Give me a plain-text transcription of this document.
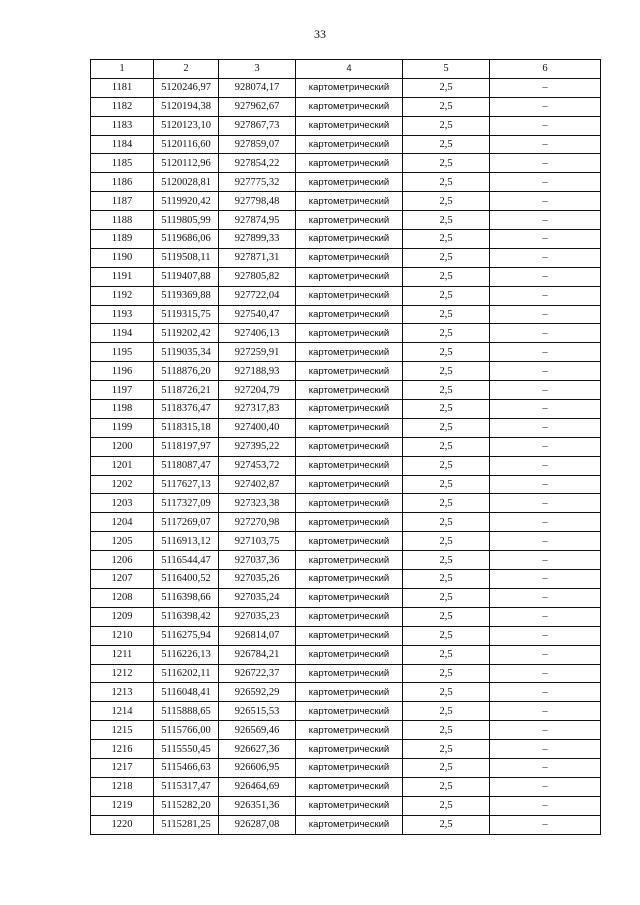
33
1	2	3	4	5	6
1181	5120246,97	928074,17	картометрический	2,5	–
1182	5120194,38	927962,67	картометрический	2,5	–
1183	5120123,10	927867,73	картометрический	2,5	–
1184	5120116,60	927859,07	картометрический	2,5	–
1185	5120112,96	927854,22	картометрический	2,5	–
1186	5120028,81	927775,32	картометрический	2,5	–
1187	5119920,42	927798,48	картометрический	2,5	–
1188	5119805,99	927874,95	картометрический	2,5	–
1189	5119686,06	927899,33	картометрический	2,5	–
1190	5119508,11	927871,31	картометрический	2,5	–
1191	5119407,88	927805,82	картометрический	2,5	–
1192	5119369,88	927722,04	картометрический	2,5	–
1193	5119315,75	927540,47	картометрический	2,5	–
1194	5119202,42	927406,13	картометрический	2,5	–
1195	5119035,34	927259,91	картометрический	2,5	–
1196	5118876,20	927188,93	картометрический	2,5	–
1197	5118726,21	927204,79	картометрический	2,5	–
1198	5118376,47	927317,83	картометрический	2,5	–
1199	5118315,18	927400,40	картометрический	2,5	–
1200	5118197,97	927395,22	картометрический	2,5	–
1201	5118087,47	927453,72	картометрический	2,5	–
1202	5117627,13	927402,87	картометрический	2,5	–
1203	5117327,09	927323,38	картометрический	2,5	–
1204	5117269,07	927270,98	картометрический	2,5	–
1205	5116913,12	927103,75	картометрический	2,5	–
1206	5116544,47	927037,36	картометрический	2,5	–
1207	5116400,52	927035,26	картометрический	2,5	–
1208	5116398,66	927035,24	картометрический	2,5	–
1209	5116398,42	927035,23	картометрический	2,5	–
1210	5116275,94	926814,07	картометрический	2,5	–
1211	5116226,13	926784,21	картометрический	2,5	–
1212	5116202,11	926722,37	картометрический	2,5	–
1213	5116048,41	926592,29	картометрический	2,5	–
1214	5115888,65	926515,53	картометрический	2,5	–
1215	5115766,00	926569,46	картометрический	2,5	–
1216	5115550,45	926627,36	картометрический	2,5	–
1217	5115466,63	926606,95	картометрический	2,5	–
1218	5115317,47	926464,69	картометрический	2,5	–
1219	5115282,20	926351,36	картометрический	2,5	–
1220	5115281,25	926287,08	картометрический	2,5	–
